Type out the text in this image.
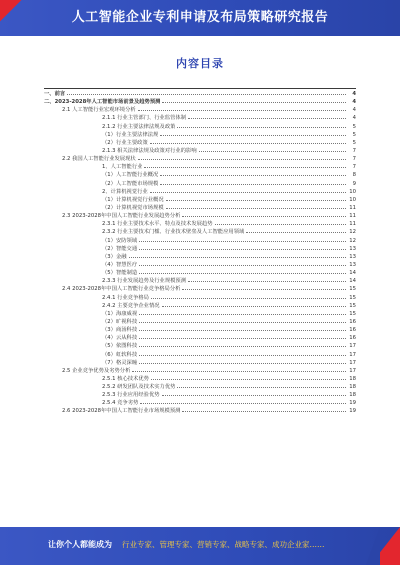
人工智能企业专利申请及布局策略研究报告
内容目录
一、前言	4
二、2023-2028年人工智能市场前景及趋势预测	4
2.1 人工智能行业宏观环境分析	4
2.1.1 行业主管部门、行业监管体制	4
2.1.2 行业主要法律法规及政策	5
（1）行业主要法律法规	5
（2）行业主要政策	5
2.1.3 相关法律法规及政策对行业的影响	7
2.2 我国人工智能行业发展现状	7
1、人工智能行业	7
（1）人工智能行业概况	8
（2）人工智能市场规模	9
2、计算机视觉行业	10
（1）计算机视觉行业概况	10
（2）计算机视觉市场规模	11
2.3 2023-2028年中国人工智能行业发展趋势分析	11
2.3.1 行业主要技术水平、特点及技术发展趋势	11
2.3.2 行业主要技术门槛、行业技术壁垒及人工智能应用领域	12
（1）安防领域	12
（2）智能交通	13
（3）金融	13
（4）智慧医疗	13
（5）智能制造	14
2.3.3 行业发展趋势及行业规模预测	14
2.4 2023-2028年中国人工智能行业竞争格局分析	15
2.4.1 行业竞争格局	15
2.4.2 主要竞争企业情况	15
（1）海康威视	15
（2）旷视科技	16
（3）商汤科技	16
（4）云从科技	16
（5）依图科技	17
（6）虹软科技	17
（7）格灵深瞳	17
2.5 企业竞争优势及劣势分析	17
2.5.1 核心技术优势	18
2.5.2 研发团队及技术实力优势	18
2.5.3 行业应用经验优势	18
2.5.4 竞争劣势	19
2.6 2023-2028年中国人工智能行业市场规模预测	19
让你个人都能成为 行业专家、管理专家、营销专家、战略专家、成功企业家……
